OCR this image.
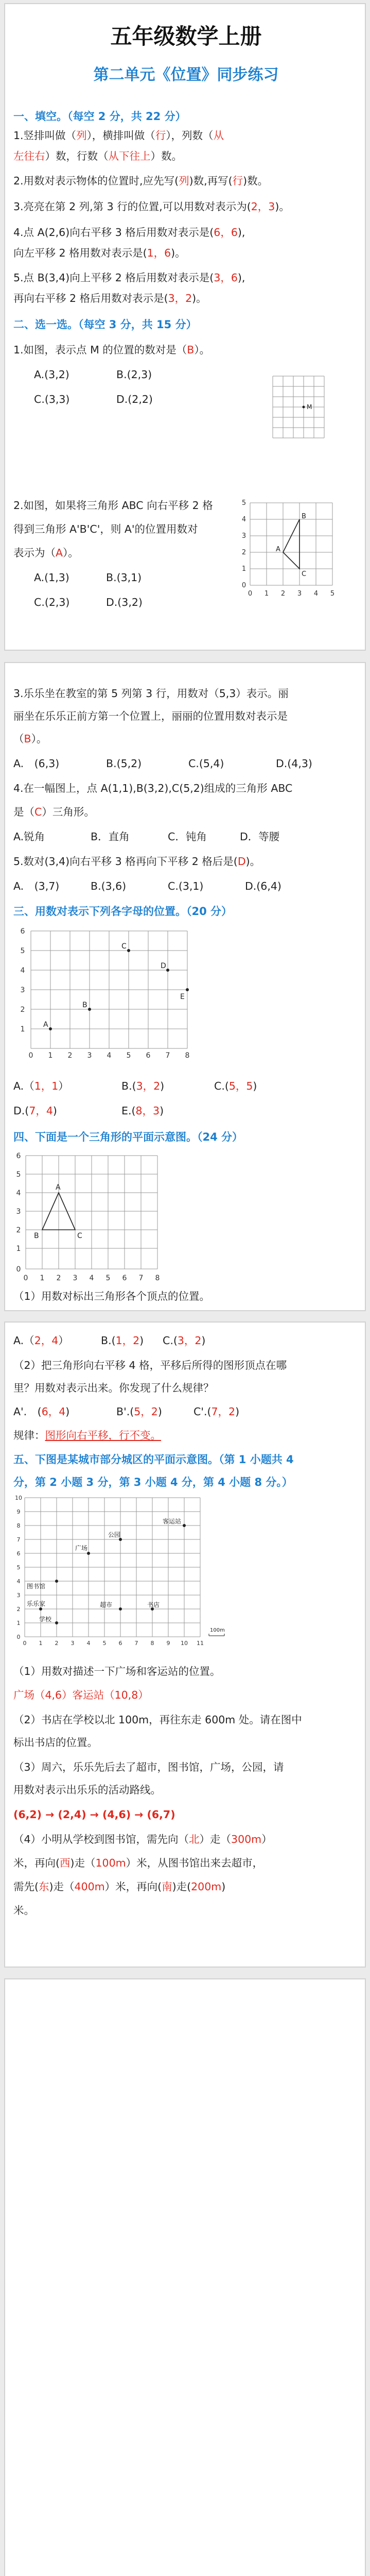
五年级数学上册
第二单元《位置》同步练习
一、填空。（每空 2 分，共 22 分）
1.竖排叫做（列），横排叫做（行），列数（从
左往右）数，行数（从下往上）数。
2.用数对表示物体的位置时,应先写(列)数,再写(行)数。
3.亮亮在第 2 列,第 3 行的位置,可以用数对表示为(2，3)。
4.点 A(2,6)向右平移 3 格后用数对表示是(6，6),
向左平移 2 格用数对表示是(1，6)。
5.点 B(3,4)向上平移 2 格后用数对表示是(3，6),
再向右平移 2 格后用数对表示是(3，2)。
二、选一选。（每空 3 分，共 15 分）
1.如图，表示点 M 的位置的数对是（B）。
A.(3,2)	B.(2,3)
C.(3,3)	D.(2,2)
M
2.如图，如果将三角形 ABC 向右平移 2 格
得到三角形 A'B'C'，则 A'的位置用数对
表示为（A）。
A.(1,3)	B.(3,1)
C.(2,3)	D.(3,2)
0
1
2
3
4
5
0 1 2 3 4 5
A
B
C
3.乐乐坐在教室的第 5 列第 3 行，用数对（5,3）表示。丽
丽坐在乐乐正前方第一个位置上，丽丽的位置用数对表示是
（B）。
A.　(6,3)	B.(5,2)	C.(5,4)	D.(4,3)
4.在一幅图上，点 A(1,1),B(3,2),C(5,2)组成的三角形 ABC
是（C）三角形。
A.锐角	B．直角	C．钝角	D．等腰
5.数对(3,4)向右平移 3 格再向下平移 2 格后是(D)。
A.　(3,7)	B.(3,6)	C.(3,1)	D.(6,4)
三、用数对表示下列各字母的位置。（20 分）
1
2
3
4
5
6
0 1 2 3 4 5 6 7 8
A
B
C
D
E
A.（1，1）	B.(3，2)	C.(5，5)
D.(7，4)	E.(8，3)
四、下面是一个三角形的平面示意图。（24 分）
0
1
2
3
4
5
6
0 1 2 3 4 5 6 7 8
A
B	C
（1）用数对标出三角形各个顶点的位置。
A.（2，4）	B.(1，2) C.(3，2)
（2）把三角形向右平移 4 格，平移后所得的图形顶点在哪
里？用数对表示出来。你发现了什么规律？
A'.　(6，4)	B'.(5，2)	C'.(7，2)
规律：图形向右平移，行不变。
五、下图是某城市部分城区的平面示意图。（第 1 小题共 4
分，第 2 小题 3 分，第 3 小题 4 分，第 4 小题 8 分。）
0
1
2
3
4
5
6
7
8
9
10
0 1 2 3 4 5 6 7 8 9 10 11
客运站
公园
广场
图书馆
乐乐家	超市	书店
学校
100m
（1）用数对描述一下广场和客运站的位置。
广场（4,6）客运站（10,8）
（2）书店在学校以北 100m，再往东走 600m 处。请在图中
标出书店的位置。
（3）周六，乐乐先后去了超市，图书馆，广场，公园，请
用数对表示出乐乐的活动路线。
(6,2) → (2,4) → (4,6) → (6,7)
（4）小明从学校到图书馆，需先向（北）走（300m）
米，再向(西)走（100m）米，从图书馆出来去超市，
需先(东)走（400m）米，再向(南)走(200m)
米。
